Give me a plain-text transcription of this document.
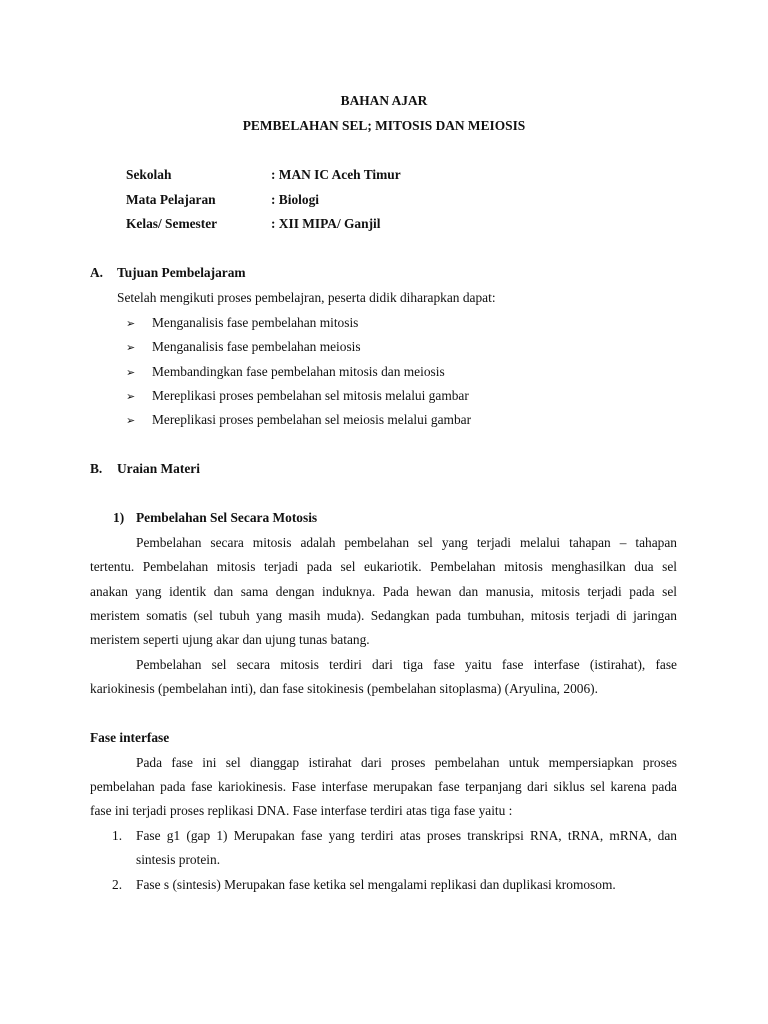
BAHAN AJAR
PEMBELAHAN SEL; MITOSIS DAN MEIOSIS
Sekolah	: MAN IC Aceh Timur
Mata Pelajaran	: Biologi
Kelas/ Semester	: XII MIPA/ Ganjil
A. Tujuan Pembelajaram
Setelah mengikuti proses pembelajran, peserta didik diharapkan dapat:
➢ Menganalisis fase pembelahan mitosis
➢ Menganalisis fase pembelahan meiosis
➢ Membandingkan fase pembelahan mitosis dan meiosis
➢ Mereplikasi proses pembelahan sel mitosis melalui gambar
➢ Mereplikasi proses pembelahan sel meiosis melalui gambar
B. Uraian Materi
1) Pembelahan Sel Secara Motosis
Pembelahan secara mitosis adalah pembelahan sel yang terjadi melalui tahapan – tahapan
tertentu. Pembelahan mitosis terjadi pada sel eukariotik. Pembelahan mitosis menghasilkan dua sel
anakan yang identik dan sama dengan induknya. Pada hewan dan manusia, mitosis terjadi pada sel
meristem somatis (sel tubuh yang masih muda). Sedangkan pada tumbuhan, mitosis terjadi di jaringan
meristem seperti ujung akar dan ujung tunas batang.
Pembelahan sel secara mitosis terdiri dari tiga fase yaitu fase interfase (istirahat), fase
kariokinesis (pembelahan inti), dan fase sitokinesis (pembelahan sitoplasma) (Aryulina, 2006).
Fase interfase
Pada fase ini sel dianggap istirahat dari proses pembelahan untuk mempersiapkan proses
pembelahan pada fase kariokinesis. Fase interfase merupakan fase terpanjang dari siklus sel karena pada
fase ini terjadi proses replikasi DNA. Fase interfase terdiri atas tiga fase yaitu :
1.	Fase g1 (gap 1) Merupakan fase yang terdiri atas proses transkripsi RNA, tRNA, mRNA, dan
sintesis protein.
2.	Fase s (sintesis) Merupakan fase ketika sel mengalami replikasi dan duplikasi kromosom.
